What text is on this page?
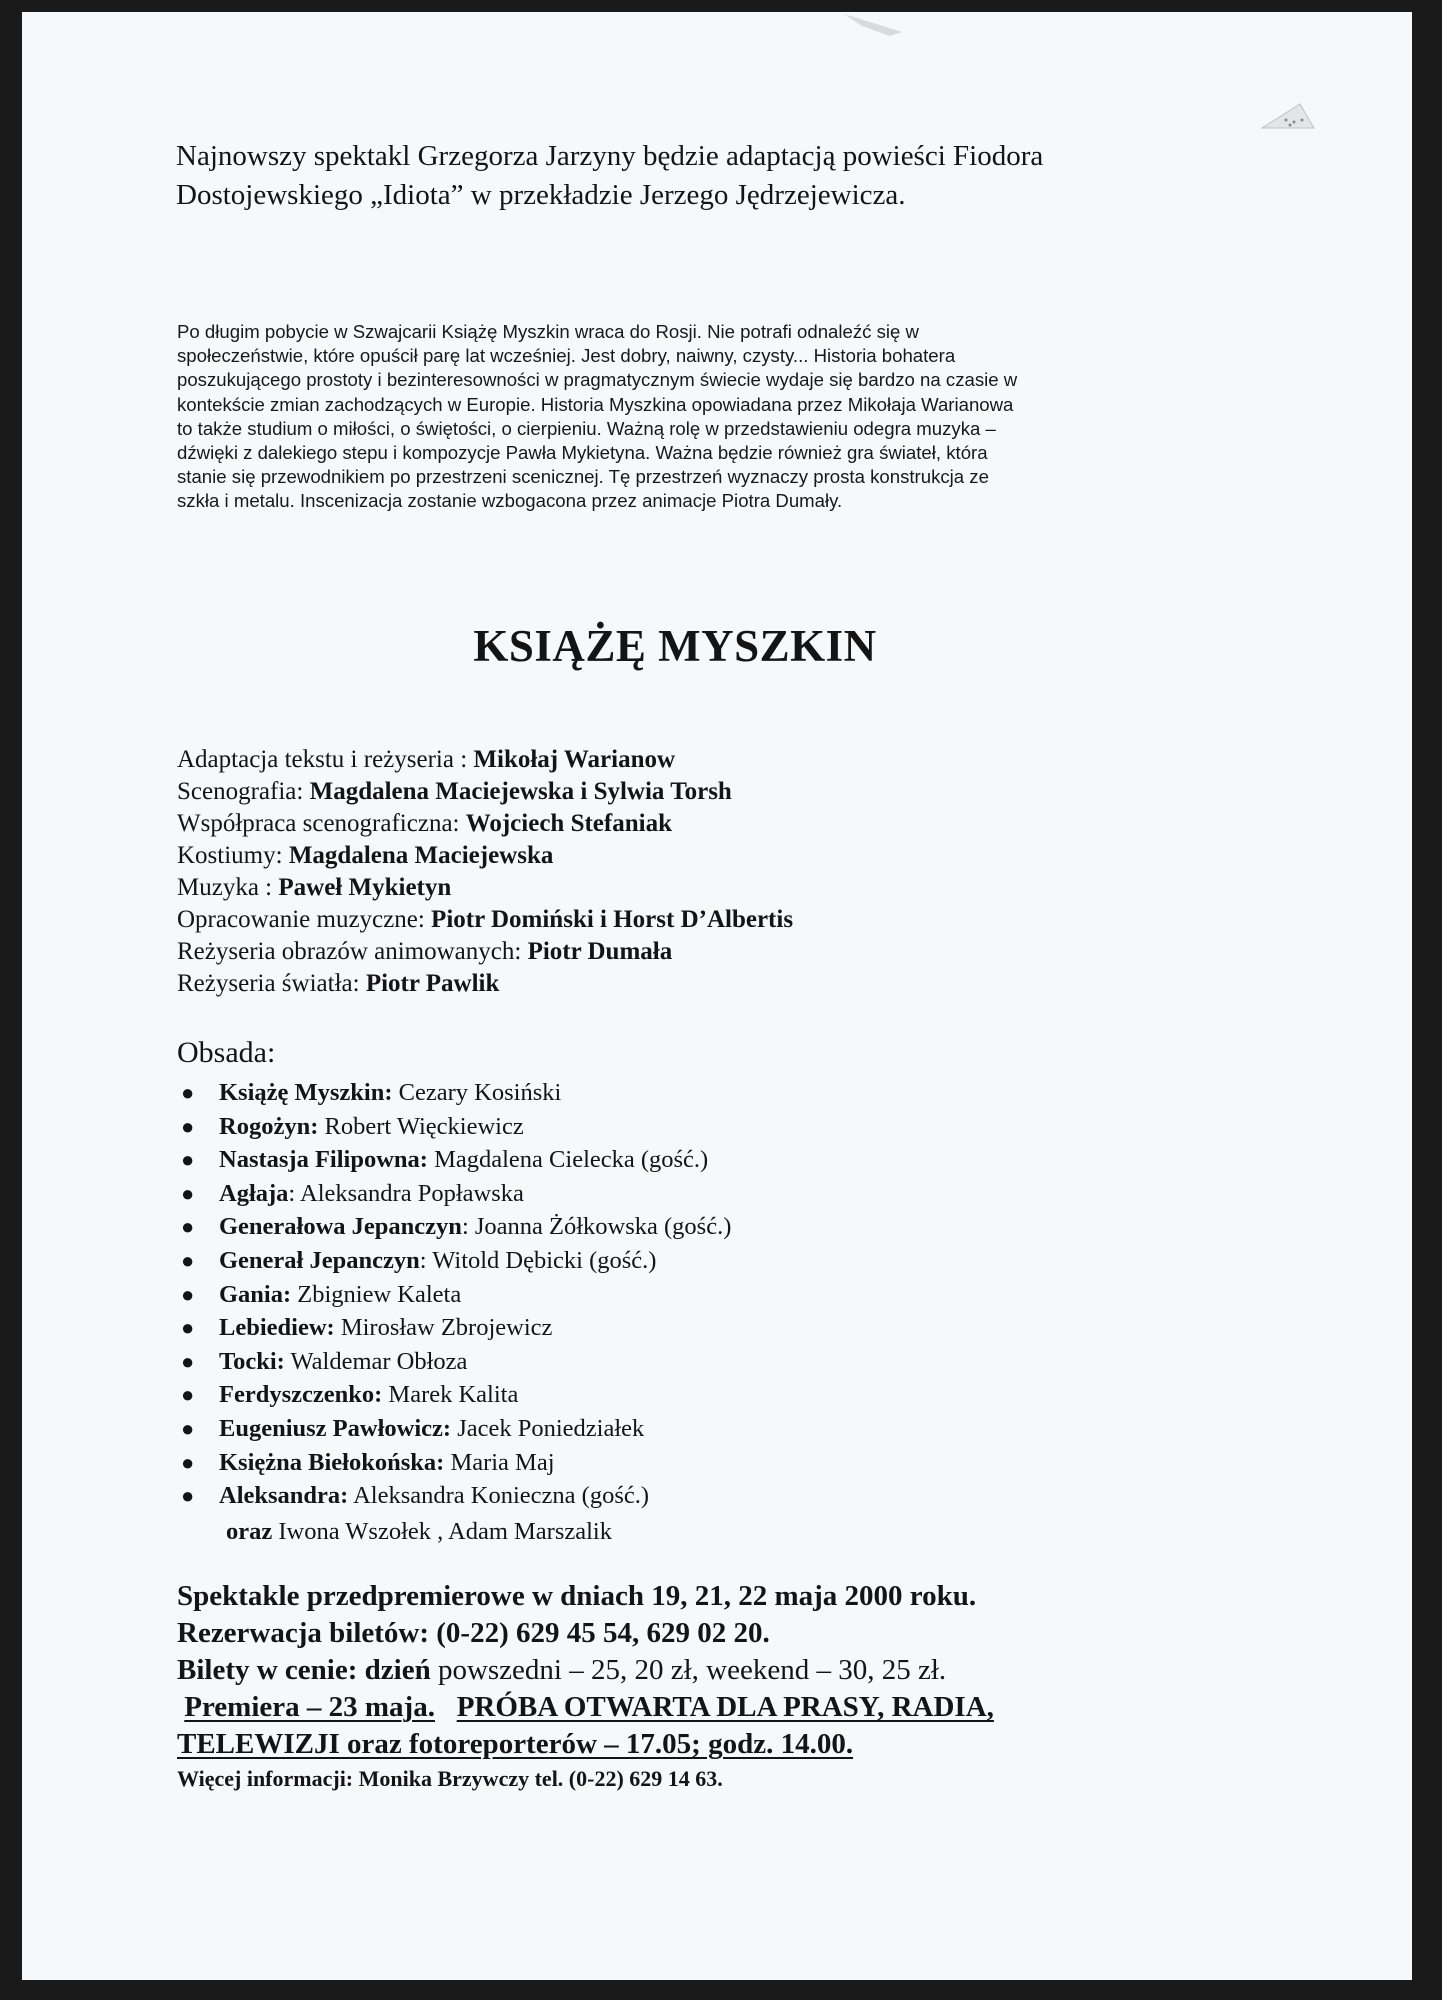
Najnowszy spektakl Grzegorza Jarzyny będzie adaptacją powieści Fiodora
Dostojewskiego „Idiota” w przekładzie Jerzego Jędrzejewicza.

Po długim pobycie w Szwajcarii Książę Myszkin wraca do Rosji. Nie potrafi odnaleźć się w
społeczeństwie, które opuścił parę lat wcześniej. Jest dobry, naiwny, czysty... Historia bohatera
poszukującego prostoty i bezinteresowności w pragmatycznym świecie wydaje się bardzo na czasie w
kontekście zmian zachodzących w Europie. Historia Myszkina opowiadana przez Mikołaja Warianowa
to także studium o miłości, o świętości, o cierpieniu. Ważną rolę w przedstawieniu odegra muzyka –
dźwięki z dalekiego stepu i kompozycje Pawła Mykietyna. Ważna będzie również gra świateł, która
stanie się przewodnikiem po przestrzeni scenicznej. Tę przestrzeń wyznaczy prosta konstrukcja ze
szkła i metalu. Inscenizacja zostanie wzbogacona przez animacje Piotra Dumały.

KSIĄŻĘ MYSZKIN
Adaptacja tekstu i reżyseria : Mikołaj Warianow
Scenografia: Magdalena Maciejewska i Sylwia Torsh
Współpraca scenograficzna: Wojciech Stefaniak
Kostiumy: Magdalena Maciejewska
Muzyka : Paweł Mykietyn
Opracowanie muzyczne: Piotr Domiński i Horst D’Albertis
Reżyseria obrazów animowanych: Piotr Dumała
Reżyseria światła: Piotr Pawlik
Obsada:
● Książę Myszkin: Cezary Kosiński
● Rogożyn: Robert Więckiewicz
● Nastasja Filipowna: Magdalena Cielecka (gość.)
● Agłaja: Aleksandra Popławska
● Generałowa Jepanczyn: Joanna Żółkowska (gość.)
● Generał Jepanczyn: Witold Dębicki (gość.)
● Gania: Zbigniew Kaleta
● Lebiediew: Mirosław Zbrojewicz
● Tocki: Waldemar Obłoza
● Ferdyszczenko: Marek Kalita
● Eugeniusz Pawłowicz: Jacek Poniedziałek
● Księżna Biełokońska: Maria Maj
● Aleksandra: Aleksandra Konieczna (gość.)

oraz Iwona Wszołek , Adam Marszalik

Spektakle przedpremierowe w dniach 19, 21, 22 maja 2000 roku.

Rezerwacja biletów: (0-22) 629 45 54, 629 02 20.

Bilety w cenie: dzień powszedni – 25, 20 zł, weekend – 30, 25 zł.

Premiera – 23 maja. PRÓBA OTWARTA DLA PRASY, RADIA,

TELEWIZJI oraz fotoreporterów – 17.05; godz. 14.00.

Więcej informacji: Monika Brzywczy tel. (0-22) 629 14 63.
